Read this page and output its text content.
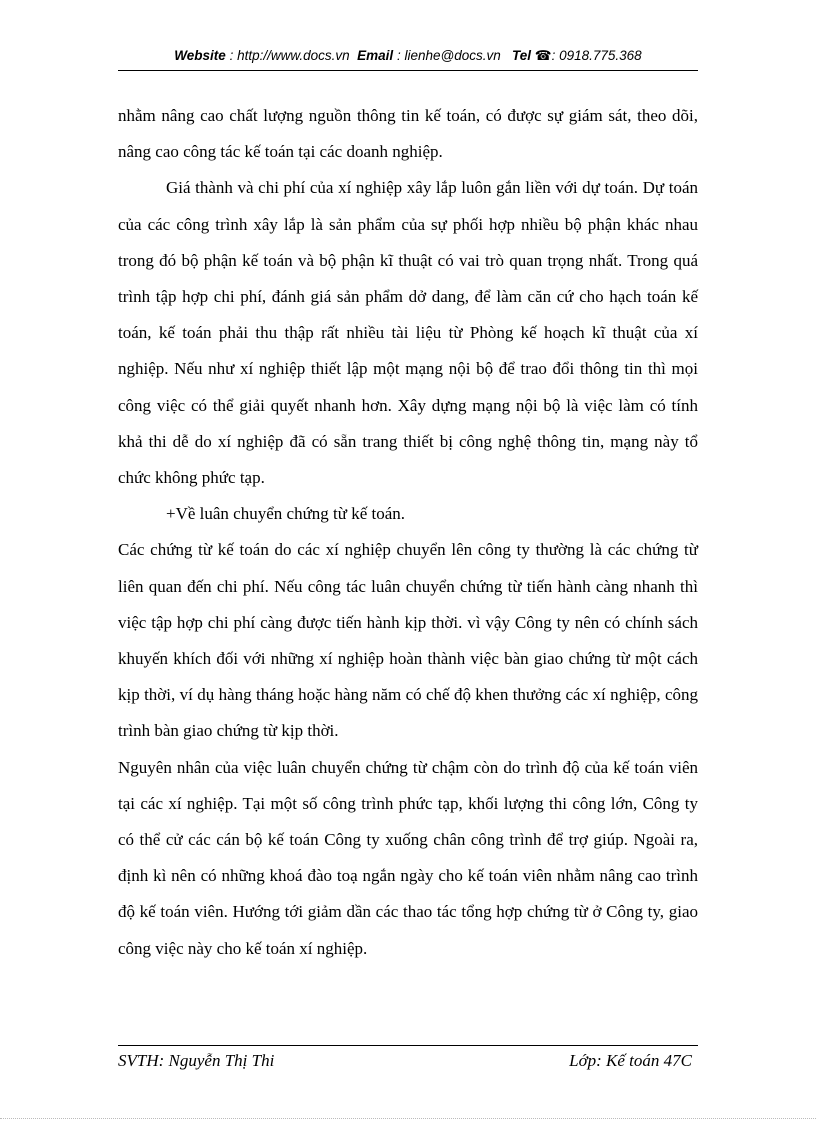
Website : http://www.docs.vn Email : lienhe@docs.vn Tel ☎: 0918.775.368

nhằm nâng cao chất lượng nguồn thông tin kế toán, có được sự giám sát, theo dõi, nâng cao công tác kế toán tại các doanh nghiệp.

Giá thành và chi phí của xí nghiệp xây lắp luôn gắn liền với dự toán. Dự toán của các công trình xây lắp là sản phẩm của sự phối hợp nhiều bộ phận khác nhau trong đó bộ phận kế toán và bộ phận kĩ thuật có vai trò quan trọng nhất. Trong quá trình tập hợp chi phí, đánh giá sản phẩm dở dang, để làm căn cứ cho hạch toán kế toán, kế toán phải thu thập rất nhiều tài liệu từ Phòng kế hoạch kĩ thuật của xí nghiệp. Nếu như xí nghiệp thiết lập một mạng nội bộ để trao đổi thông tin thì mọi công việc có thể giải quyết nhanh hơn. Xây dựng mạng nội bộ là việc làm có tính khả thi dễ do xí nghiệp đã có sẵn trang thiết bị công nghệ thông tin, mạng này tổ chức không phức tạp.

+Về luân chuyển chứng từ kế toán.

Các chứng từ kế toán do các xí nghiệp chuyển lên công ty thường là các chứng từ liên quan đến chi phí. Nếu công tác luân chuyển chứng từ tiến hành càng nhanh thì việc tập hợp chi phí càng được tiến hành kịp thời. vì vậy Công ty nên có chính sách khuyến khích đối với những xí nghiệp hoàn thành việc bàn giao chứng từ một cách kịp thời, ví dụ hàng tháng hoặc hàng năm có chế độ khen thưởng các xí nghiệp, công trình bàn giao chứng từ kịp thời.

Nguyên nhân của việc luân chuyển chứng từ chậm còn do trình độ của kế toán viên tại các xí nghiệp. Tại một số công trình phức tạp, khối lượng thi công lớn, Công ty có thể cử các cán bộ kế toán Công ty xuống chân công trình để trợ giúp. Ngoài ra, định kì nên có những khoá đào toạ ngắn ngày cho kế toán viên nhằm nâng cao trình độ kế toán viên. Hướng tới giảm dần các thao tác tổng hợp chứng từ ở Công ty, giao công việc này cho kế toán xí nghiệp.

SVTH: Nguyễn Thị Thi	Lớp: Kế toán 47C
